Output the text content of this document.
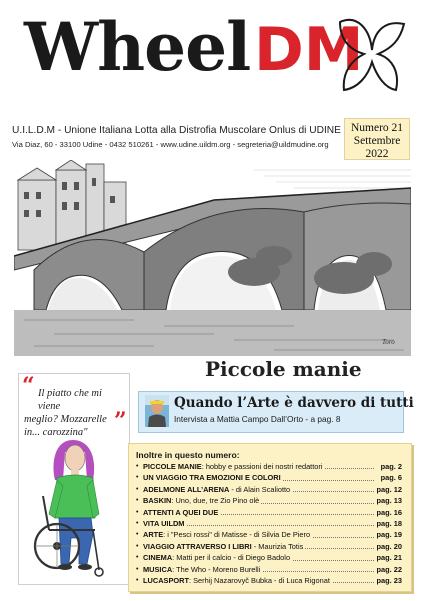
Wheel DM
U.I.L.D.M - Unione Italiana Lotta alla Distrofia Muscolare Onlus di UDINE
Via Diaz, 60 - 33100 Udine - 0432 510261 - www.udine.uildm.org - segreteria@uildmudine.org
Numero 21
Settembre
2022
Toro
Piccole manie
“ Il piatto che mi viene
meglio? Mozzarelle
in... carozzina"	”
Quando l’Arte è davvero di tutti
Intervista a Mattia Campo Dall’Orto - a pag. 8
Inoltre in questo numero:
• PICCOLE MANIE: hobby e passioni dei nostri redattori	pag. 2
• UN VIAGGIO TRA EMOZIONI E COLORI	pag. 6
• ADELMONE ALL’ARENA - di Alain Scaliotto	pag. 12
• BASKIN: Uno, due, tre Zio Pino olè	pag. 13
• ATTENTI A QUEI DUE	pag. 16
• VITA UILDM	pag. 18
• ARTE: i "Pesci rossi" di Matisse - di Silvia De Piero	pag. 19
• VIAGGIO ATTRAVERSO I LIBRI - Maurizia Totis	pag. 20
• CINEMA: Matti per il calcio - di Diego Badolo	pag. 21
• MUSICA: The Who - Moreno Burelli	pag. 22
• LUCASPORT: Serhij Nazarovyč Bubka - di Luca Rigonat	pag. 23
